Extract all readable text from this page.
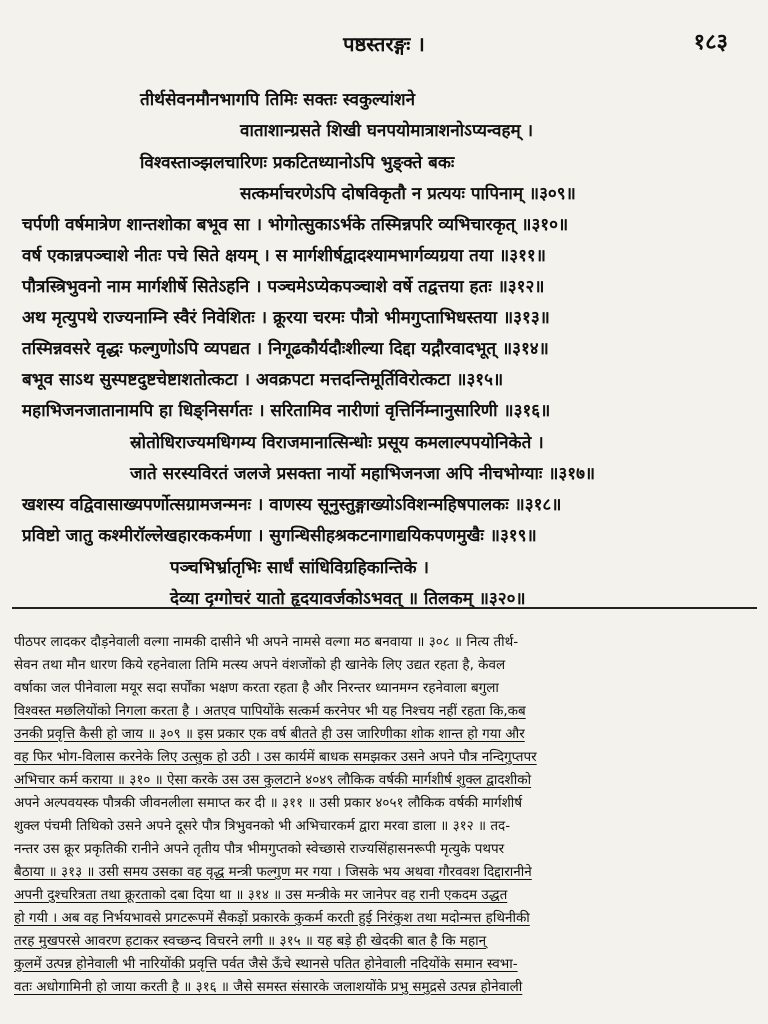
पष्ठस्तरङ्गः ।	१८३
तीर्थसेवनमौनभागपि तिमिः सक्तः स्वकुल्यांशने
वाताशान्ग्रसते शिखी घनपयोमात्राशनोऽप्यन्वहम् ।
विश्वस्ताञ्झलचारिणः प्रकटितध्यानोऽपि भुङ्क्ते बकः
सत्कर्माचरणेऽपि दोषविकृतौ न प्रत्ययः पापिनाम् ॥३०९॥
चर्पणी वर्षमात्रेण शान्तशोका बभूव सा । भोगोत्सुकाऽर्भके तस्मिन्नपरि व्यभिचारकृत् ॥३१०॥
वर्ष एकान्नपञ्चाशे नीतः पचे सिते क्षयम् । स मार्गशीर्षद्वादश्यामभार्गव्यग्रया तया ॥३११॥
पौत्रस्त्रिभुवनो नाम मार्गशीर्षे सितेऽहनि । पञ्चमेऽप्येकपञ्चाशे वर्षे तद्वत्तया हतः ॥३१२॥
अथ मृत्युपथे राज्यनाम्नि स्वैरं निवेशितः । क्रूरया चरमः पौत्रो भीमगुप्ताभिधस्तया ॥३१३॥
तस्मिन्नवसरे वृद्धः फल्गुणोऽपि व्यपद्यत । निगूढकौर्यदौःशील्या दिद्दा यद्गौरवादभूत् ॥३१४॥
बभूव साऽथ सुस्पष्टदुष्टचेष्टाशतोत्कटा । अवक्रपटा मत्तदन्तिमूर्तिविरोत्कटा ॥३१५॥
महाभिजनजातानामपि हा धिङ्निसर्गतः । सरितामिव नारीणां वृत्तिर्निम्नानुसारिणी ॥३१६॥
स्रोतोधिराज्यमधिगम्य विराजमानात्सिन्धोः प्रसूय कमलाल्पपयोनिकेते ।
जाते सरस्यविरतं जलजे प्रसक्ता नार्यो महाभिजनजा अपि नीचभोग्याः ॥३१७॥
खशस्य वद्विवासाख्यपर्णोत्सग्रामजन्मनः । वाणस्य सूनुस्तुङ्गाख्योऽविशन्महिषपालकः ॥३१८॥
प्रविष्टो जातु कश्मीरॉल्लेखहारककर्मणा । सुगन्धिसीहश्रकटनागाद्ययिकपणमुखैः ॥३१९॥
पञ्चभिर्भ्रातृभिः सार्धं सांधिविग्रहिकान्तिके ।
देव्या दृग्गोचरं यातो हृदयावर्जकोऽभवत् ॥ तिलकम् ॥३२०॥
पीठपर लादकर दौड़नेवाली वल्गा नामकी दासीने भी अपने नामसे वल्गा मठ बनवाया ॥ ३०८ ॥ नित्य तीर्थ-
सेवन तथा मौन धारण किये रहनेवाला तिमि मत्स्य अपने वंशजोंको ही खानेके लिए उद्यत रहता है, केवल
वर्षाका जल पीनेवाला मयूर सदा सर्पोंका भक्षण करता रहता है और निरन्तर ध्यानमग्न रहनेवाला बगुला
विश्वस्त मछलियोंको निगला करता है । अतएव पापियोंके सत्कर्म करनेपर भी यह निश्चय नहीं रहता कि,कब
उनकी प्रवृत्ति कैसी हो जाय ॥ ३०९ ॥ इस प्रकार एक वर्ष बीतते ही उस जारिणीका शोक शान्त हो गया और
वह फिर भोग-विलास करनेके लिए उत्सुक हो उठी । उस कार्यमें बाधक समझकर उसने अपने पौत्र नन्दिगुप्तपर
अभिचार कर्म कराया ॥ ३१० ॥ ऐसा करके उस उस कुलटाने ४०४९ लौकिक वर्षकी मार्गशीर्ष शुक्ल द्वादशीको
अपने अल्पवयस्क पौत्रकी जीवनलीला समाप्त कर दी ॥ ३११ ॥ उसी प्रकार ४०५१ लौकिक वर्षकी मार्गशीर्ष
शुक्ल पंचमी तिथिको उसने अपने दूसरे पौत्र त्रिभुवनको भी अभिचारकर्म द्वारा मरवा डाला ॥ ३१२ ॥ तद-
नन्तर उस क्रूर प्रकृतिकी रानीने अपने तृतीय पौत्र भीमगुप्तको स्वेच्छासे राज्यसिंहासनरूपी मृत्युके पथपर
बैठाया ॥ ३१३ ॥ उसी समय उसका वह वृद्ध मन्त्री फल्गुण मर गया । जिसके भय अथवा गौरववश दिद्दारानीने
अपनी दुश्चरित्रता तथा क्रूरताको दबा दिया था ॥ ३१४ ॥ उस मन्त्रीके मर जानेपर वह रानी एकदम उद्धत
हो गयी । अब वह निर्भयभावसे प्रगटरूपमें सैकड़ों प्रकारके कुकर्म करती हुई निरंकुश तथा मदोन्मत्त हथिनीकी
तरह मुखपरसे आवरण हटाकर स्वच्छन्द विचरने लगी ॥ ३१५ ॥ यह बड़े ही खेदकी बात है कि महान्
कुलमें उत्पन्न होनेवाली भी नारियोंकी प्रवृत्ति पर्वत जैसे ऊँचे स्थानसे पतित होनेवाली नदियोंके समान स्वभा-
वतः अधोगामिनी हो जाया करती है ॥ ३१६ ॥ जैसे समस्त संसारके जलाशयोंके प्रभु समुद्रसे उत्पन्न होनेवाली
